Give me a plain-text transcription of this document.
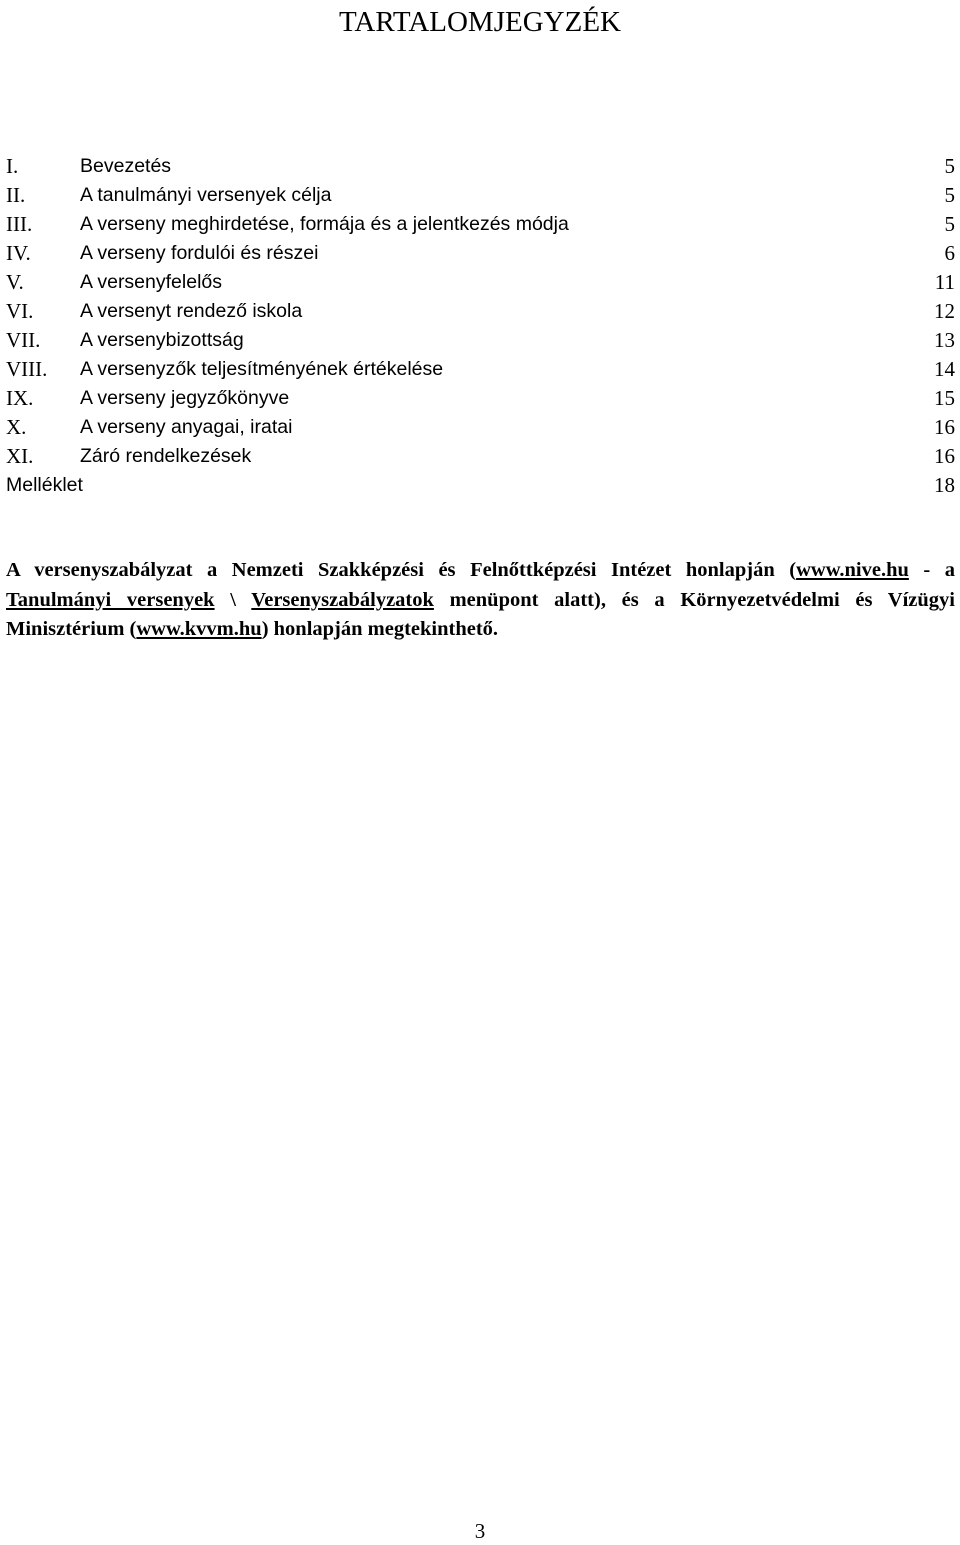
TARTALOMJEGYZÉK
I.	Bevezetés	5
II.	A tanulmányi versenyek célja	5
III. A verseny meghirdetése, formája és a jelentkezés módja	5
IV.	A verseny fordulói és részei	6
V.	A versenyfelelős	11
VI. A versenyt rendező iskola	12
VII. A versenybizottság	13
VIII. A versenyzők teljesítményének értékelése	14
IX. A verseny jegyzőkönyve	15
X.	A verseny anyagai, iratai	16
XI. Záró rendelkezések	16
Melléklet	18

A versenyszabályzat a Nemzeti Szakképzési és Felnőttképzési Intézet honlapján (www.nive.hu - a Tanulmányi versenyek \ Versenyszabályzatok menüpont alatt), és a Környezetvédelmi és Vízügyi Minisztérium (www.kvvm.hu) honlapján megtekinthető.

3
